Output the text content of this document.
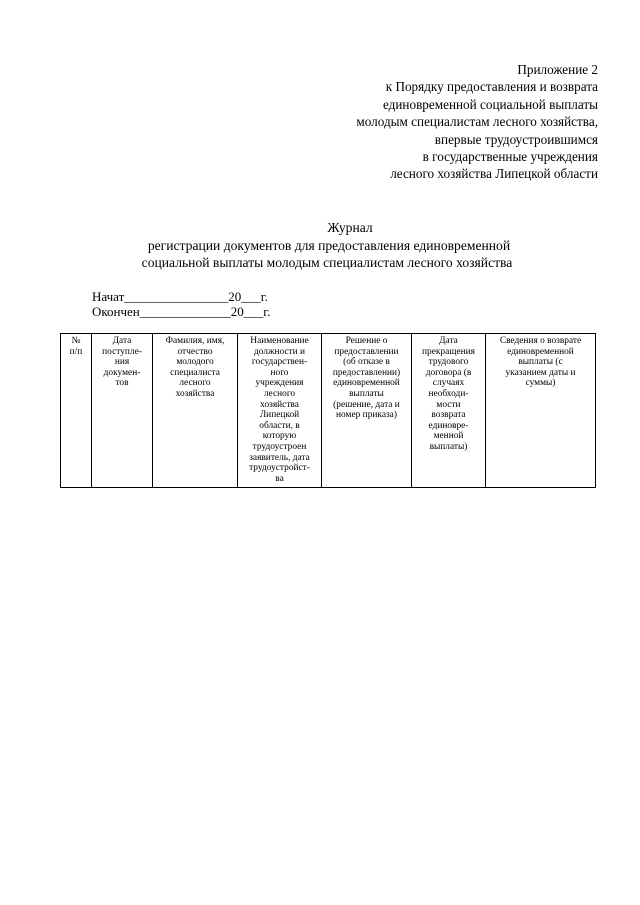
Приложение 2
к Порядку предоставления и возврата
единовременной социальной выплаты
молодым специалистам лесного хозяйства,
впервые трудоустроившимся
в государственные учреждения
лесного хозяйства Липецкой области
Журнал
регистрации документов для предоставления единовременной
социальной выплаты молодым специалистам лесного хозяйства
Начат________________20___г.
Окончен______________20___г.
№
п/п

Дата
поступле-
ния
докумен-
тов

Фамилия, имя,
отчество
молодого
специалиста
лесного
хозяйства

Наименование
должности и
государствен-
ного
учреждения
лесного
хозяйства
Липецкой
области, в
которую
трудоустроен
заявитель, дата
трудоустройст-
ва

Решение о
предоставлении
(об отказе в
предоставлении)
единовременной
выплаты
(решение, дата и
номер приказа)

Дата
прекращения
трудового
договора (в
случаях
необходи-
мости
возврата
единовре-
менной
выплаты)

Сведения о возврате
единовременной
выплаты (с
указанием даты и
суммы)
